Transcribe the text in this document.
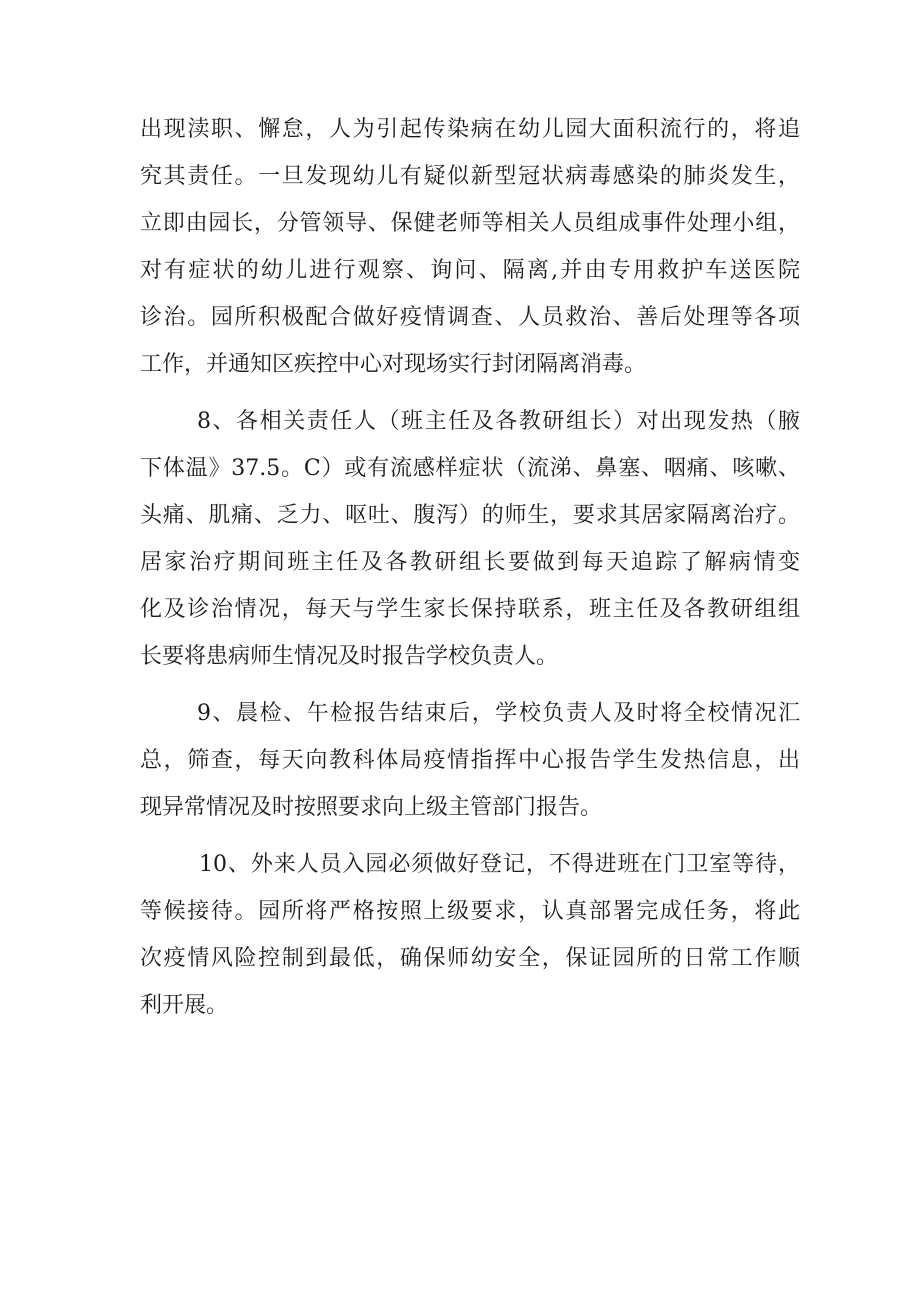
出现渎职、懈怠，人为引起传染病在幼儿园大面积流行的，将追
究其责任。一旦发现幼儿有疑似新型冠状病毒感染的肺炎发生，
立即由园长，分管领导、保健老师等相关人员组成事件处理小组，
对有症状的幼儿进行观察、询问、隔离,并由专用救护车送医院
诊治。园所积极配合做好疫情调查、人员救治、善后处理等各项
工作，并通知区疾控中心对现场实行封闭隔离消毒。
8、各相关责任人（班主任及各教研组长）对出现发热（腋
下体温》37.5。C）或有流感样症状（流涕、鼻塞、咽痛、咳嗽、
头痛、肌痛、乏力、呕吐、腹泻）的师生，要求其居家隔离治疗。
居家治疗期间班主任及各教研组长要做到每天追踪了解病情变
化及诊治情况，每天与学生家长保持联系，班主任及各教研组组
长要将患病师生情况及时报告学校负责人。
9、晨检、午检报告结束后，学校负责人及时将全校情况汇
总，筛查，每天向教科体局疫情指挥中心报告学生发热信息，出
现异常情况及时按照要求向上级主管部门报告。
10、外来人员入园必须做好登记，不得进班在门卫室等待，
等候接待。园所将严格按照上级要求，认真部署完成任务，将此
次疫情风险控制到最低，确保师幼安全，保证园所的日常工作顺
利开展。
